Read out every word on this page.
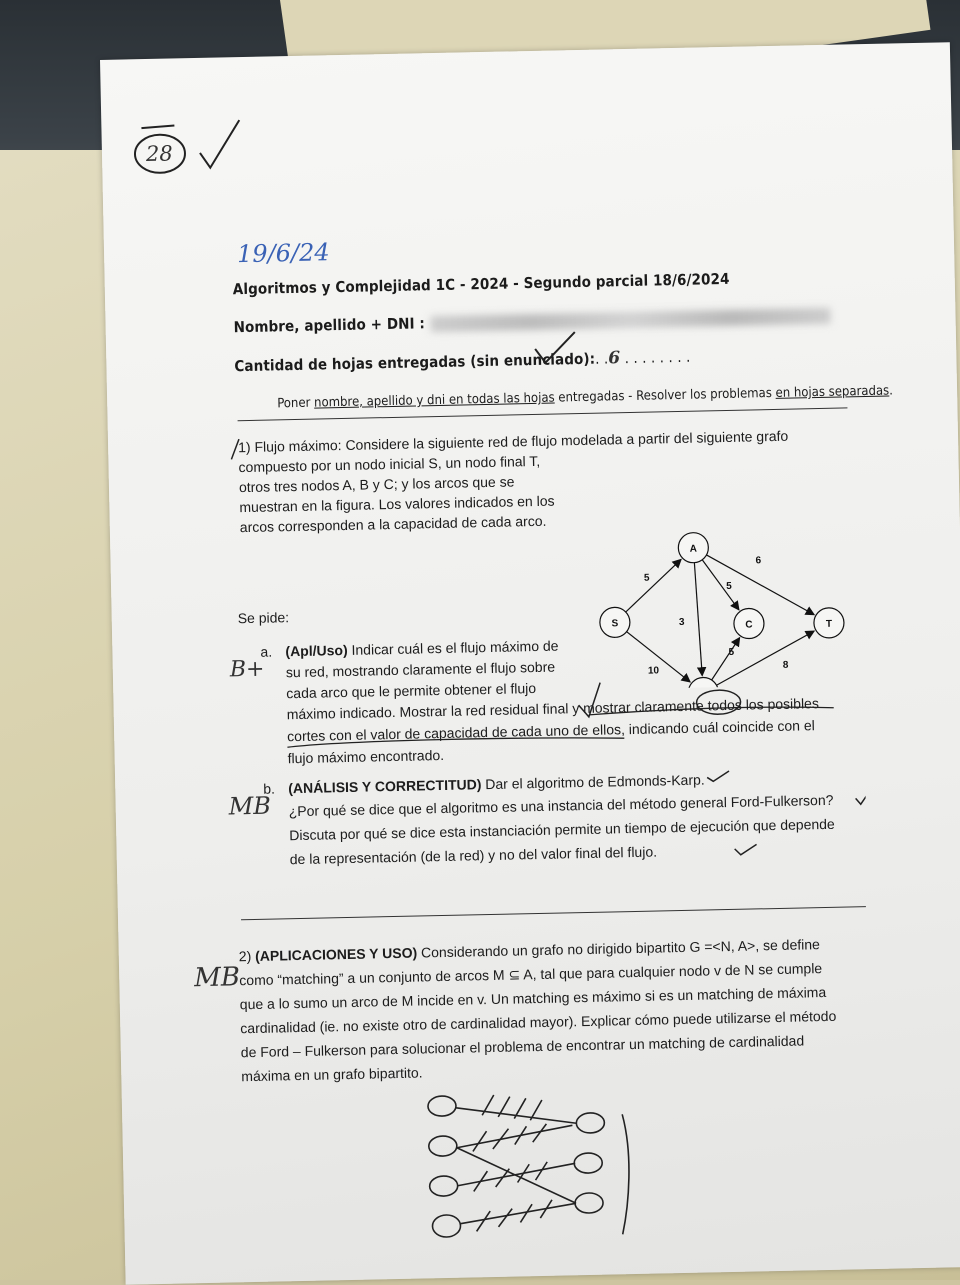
28
19/6/24
Algoritmos y Complejidad 1C - 2024 - Segundo parcial 18/6/2024
Nombre, apellido + DNI :
Cantidad de hojas entregadas (sin enunciado):. .6 . . . . . . . .
Poner nombre, apellido y dni en todas las hojas entregadas - Resolver los problemas en hojas separadas.
1) Flujo máximo: Considere la siguiente red de flujo modelada a partir del siguiente grafo
compuesto por un nodo inicial S, un nodo final T,
otros tres nodos A, B y C; y los arcos que se
muestran en la figura. Los valores indicados en los
arcos corresponden a la capacidad de cada arco.
5
10
3
5
6
5
8
S
A
C	T
Se pide:
a. (Apl/Uso) Indicar cuál es el flujo máximo de
su red, mostrando claramente el flujo sobre
cada arco que le permite obtener el flujo
máximo indicado. Mostrar la red residual final y mostrar claramente todos los posibles
cortes con el valor de capacidad de cada uno de ellos, indicando cuál coincide con el
flujo máximo encontrado.
B+
b. (ANÁLISIS Y CORRECTITUD) Dar el algoritmo de Edmonds-Karp.
¿Por qué se dice que el algoritmo es una instancia del método general Ford-Fulkerson?
Discuta por qué se dice esta instanciación permite un tiempo de ejecución que depende
de la representación (de la red) y no del valor final del flujo.
MB
2) (APLICACIONES Y USO) Considerando un grafo no dirigido bipartito G =<N, A>, se define
como “matching” a un conjunto de arcos M ⊆ A, tal que para cualquier nodo v de N se cumple
que a lo sumo un arco de M incide en v. Un matching es máximo si es un matching de máxima
cardinalidad (ie. no existe otro de cardinalidad mayor). Explicar cómo puede utilizarse el método
de Ford – Fulkerson para solucionar el problema de encontrar un matching de cardinalidad
máxima en un grafo bipartito.
MB
